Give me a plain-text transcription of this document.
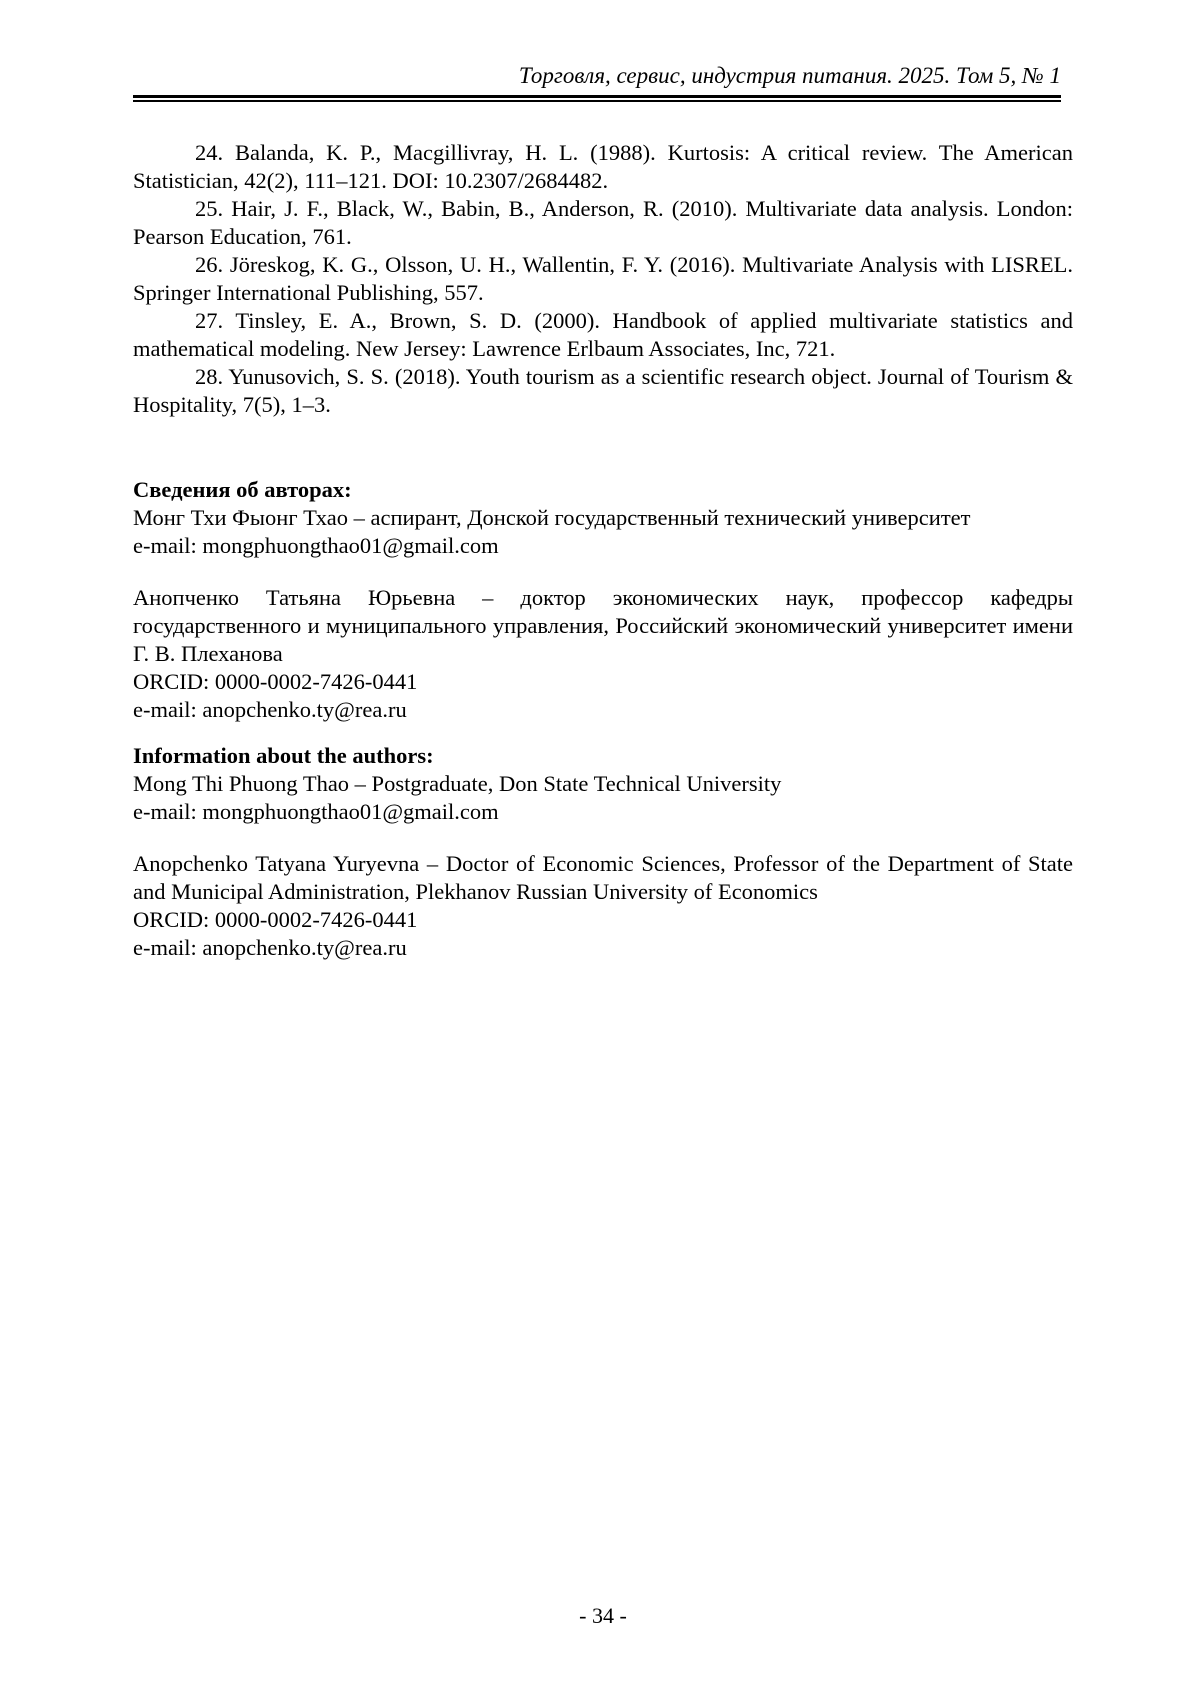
Торговля, сервис, индустрия питания. 2025. Том 5, № 1

24. Balanda, K. P., Macgillivray, H. L. (1988). Kurtosis: A critical review. The American Statistician, 42(2), 111–121. DOI: 10.2307/2684482.

25. Hair, J. F., Black, W., Babin, B., Anderson, R. (2010). Multivariate data analysis. London: Pearson Education, 761.

26. Jöreskog, K. G., Olsson, U. H., Wallentin, F. Y. (2016). Multivariate Analysis with LISREL. Springer International Publishing, 557.

27. Tinsley, E. A., Brown, S. D. (2000). Handbook of applied multivariate statistics and mathematical modeling. New Jersey: Lawrence Erlbaum Associates, Inc, 721.

28. Yunusovich, S. S. (2018). Youth tourism as a scientific research object. Journal of Tourism & Hospitality, 7(5), 1–3.

Сведения об авторах:

Монг Тхи Фыонг Тхао – аспирант, Донской государственный технический университет

e-mail: mongphuongthao01@gmail.com

Анопченко Татьяна Юрьевна – доктор экономических наук, профессор кафедры государственного и муниципального управления, Российский экономический университет имени Г. В. Плеханова

ORCID: 0000-0002-7426-0441

e-mail: anopchenko.ty@rea.ru

Information about the authors:

Mong Thi Phuong Thao – Postgraduate, Don State Technical University

e-mail: mongphuongthao01@gmail.com

Anopchenko Tatyana Yuryevna – Doctor of Economic Sciences, Professor of the Department of State and Municipal Administration, Plekhanov Russian University of Economics

ORCID: 0000-0002-7426-0441

e-mail: anopchenko.ty@rea.ru

- 34 -
